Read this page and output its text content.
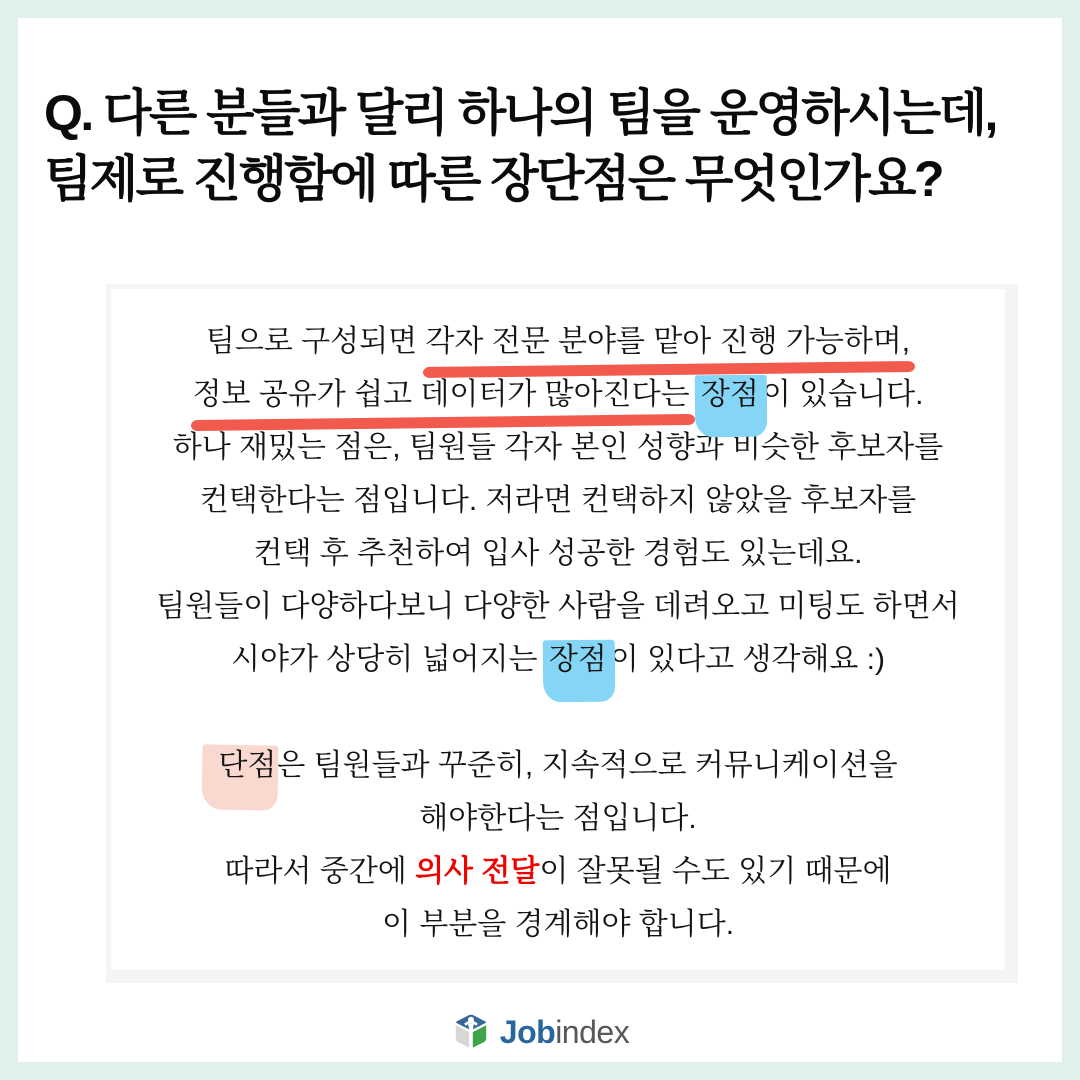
Q. 다른 분들과 달리 하나의 팀을 운영하시는데,
팀제로 진행함에 따른 장단점은 무엇인가요?
팀으로 구성되면 각자 전문 분야를 맡아 진행 가능하며,
정보 공유가 쉽고 데이터가 많아진다는 장점 이 있습니다.
하나 재밌는 점은, 팀원들 각자 본인 성향과 비슷한 후보자를
컨택한다는 점입니다. 저라면 컨택하지 않았을 후보자를
컨택 후 추천하여 입사 성공한 경험도 있는데요.
팀원들이 다양하다보니 다양한 사람을 데려오고 미팅도 하면서
시야가 상당히 넓어지는 장점 이 있다고 생각해요 :)
단점은 팀원들과 꾸준히, 지속적으로 커뮤니케이션을
해야한다는 점입니다.
따라서 중간에 의사 전달이 잘못될 수도 있기 때문에
이 부분을 경계해야 합니다.
Jobindex
